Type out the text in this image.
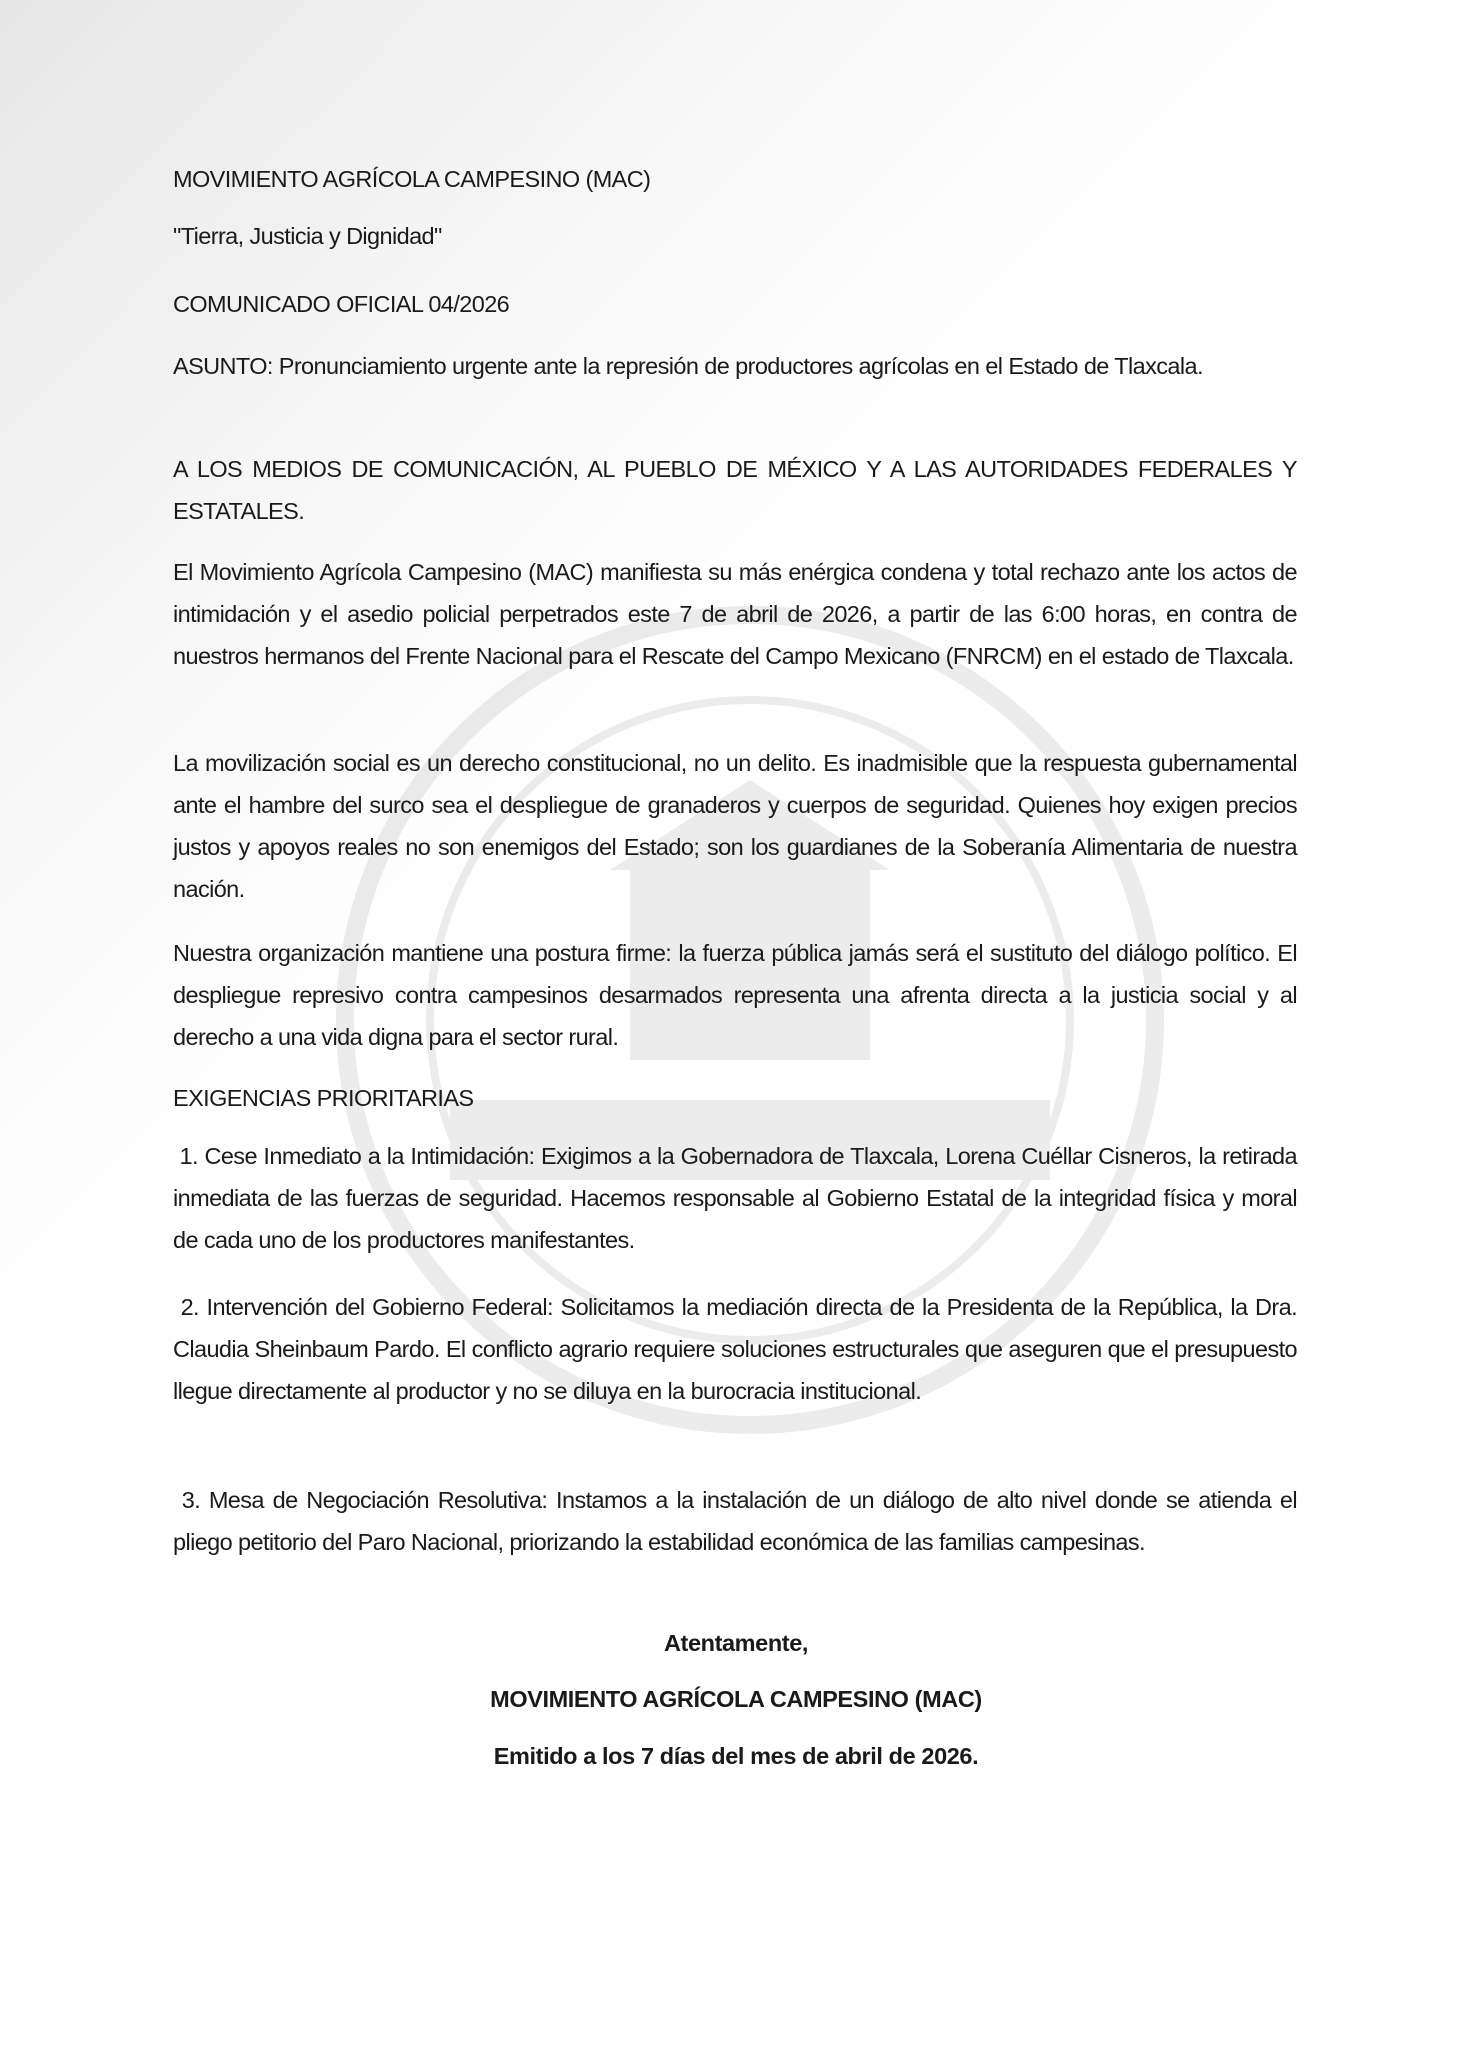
MOVIMIENTO AGRÍCOLA CAMPESINO (MAC)
"Tierra, Justicia y Dignidad"
COMUNICADO OFICIAL 04/2026
ASUNTO: Pronunciamiento urgente ante la represión de productores agrícolas en el Estado de Tlaxcala.
A LOS MEDIOS DE COMUNICACIÓN, AL PUEBLO DE MÉXICO Y A LAS AUTORIDADES FEDERALES Y ESTATALES.
El Movimiento Agrícola Campesino (MAC) manifiesta su más enérgica condena y total rechazo ante los actos de intimidación y el asedio policial perpetrados este 7 de abril de 2026, a partir de las 6:00 horas, en contra de nuestros hermanos del Frente Nacional para el Rescate del Campo Mexicano (FNRCM) en el estado de Tlaxcala.
La movilización social es un derecho constitucional, no un delito. Es inadmisible que la respuesta gubernamental ante el hambre del surco sea el despliegue de granaderos y cuerpos de seguridad. Quienes hoy exigen precios justos y apoyos reales no son enemigos del Estado; son los guardianes de la Soberanía Alimentaria de nuestra nación.
Nuestra organización mantiene una postura firme: la fuerza pública jamás será el sustituto del diálogo político. El despliegue represivo contra campesinos desarmados representa una afrenta directa a la justicia social y al derecho a una vida digna para el sector rural.
EXIGENCIAS PRIORITARIAS
1. Cese Inmediato a la Intimidación: Exigimos a la Gobernadora de Tlaxcala, Lorena Cuéllar Cisneros, la retirada inmediata de las fuerzas de seguridad. Hacemos responsable al Gobierno Estatal de la integridad física y moral de cada uno de los productores manifestantes.
2. Intervención del Gobierno Federal: Solicitamos la mediación directa de la Presidenta de la República, la Dra. Claudia Sheinbaum Pardo. El conflicto agrario requiere soluciones estructurales que aseguren que el presupuesto llegue directamente al productor y no se diluya en la burocracia institucional.
3. Mesa de Negociación Resolutiva: Instamos a la instalación de un diálogo de alto nivel donde se atienda el pliego petitorio del Paro Nacional, priorizando la estabilidad económica de las familias campesinas.
Atentamente,
MOVIMIENTO AGRÍCOLA CAMPESINO (MAC)
Emitido a los 7 días del mes de abril de 2026.
